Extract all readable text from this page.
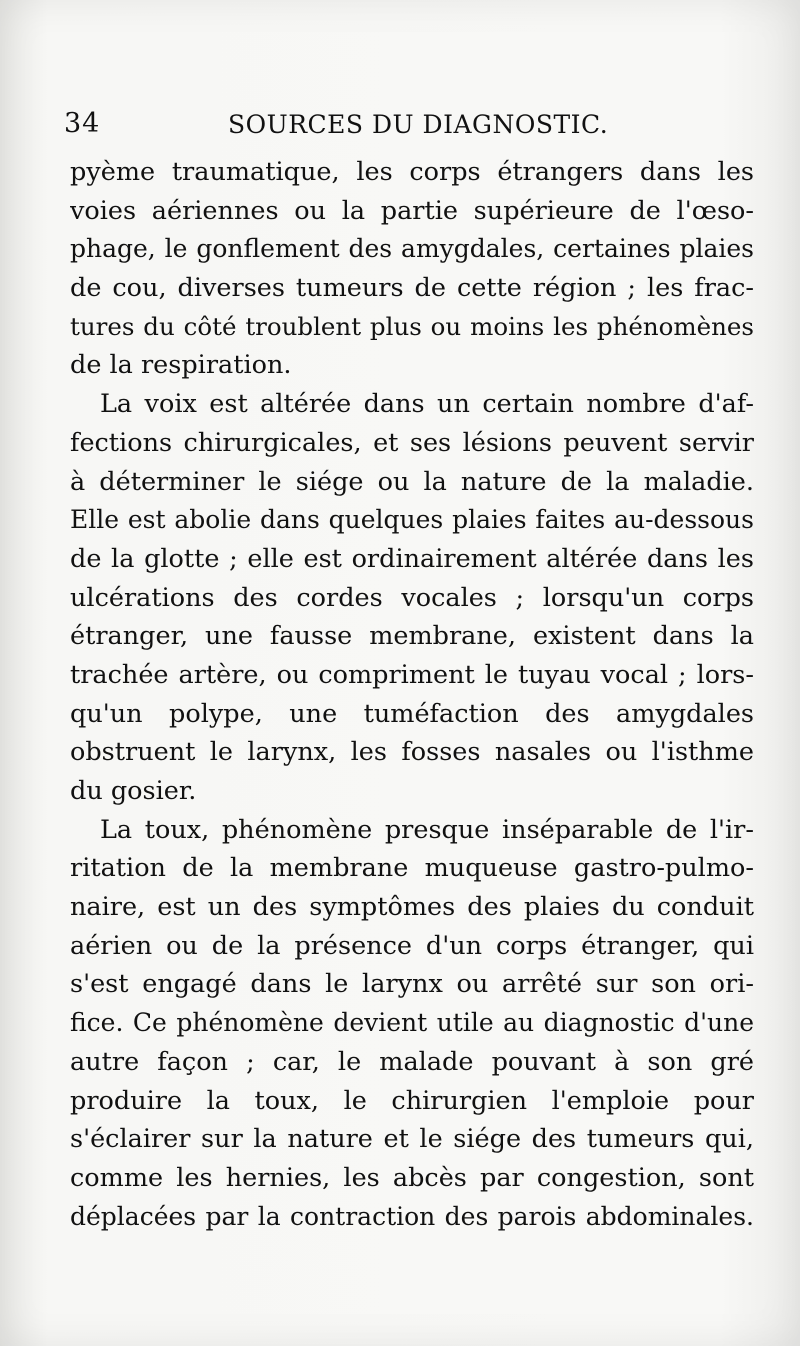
34	SOURCES DU DIAGNOSTIC.
pyème traumatique, les corps étrangers dans les
voies aériennes ou la partie supérieure de l'œso-
phage, le gonflement des amygdales, certaines plaies
de cou, diverses tumeurs de cette région ; les frac-
tures du côté troublent plus ou moins les phénomènes
de la respiration.
La voix est altérée dans un certain nombre d'af-
fections chirurgicales, et ses lésions peuvent servir
à déterminer le siége ou la nature de la maladie.
Elle est abolie dans quelques plaies faites au-dessous
de la glotte ; elle est ordinairement altérée dans les
ulcérations des cordes vocales ; lorsqu'un corps
étranger, une fausse membrane, existent dans la
trachée artère, ou compriment le tuyau vocal ; lors-
qu'un polype, une tuméfaction des amygdales
obstruent le larynx, les fosses nasales ou l'isthme
du gosier.
La toux, phénomène presque inséparable de l'ir-
ritation de la membrane muqueuse gastro-pulmo-
naire, est un des symptômes des plaies du conduit
aérien ou de la présence d'un corps étranger, qui
s'est engagé dans le larynx ou arrêté sur son ori-
fice. Ce phénomène devient utile au diagnostic d'une
autre façon ; car, le malade pouvant à son gré
produire la toux, le chirurgien l'emploie pour
s'éclairer sur la nature et le siége des tumeurs qui,
comme les hernies, les abcès par congestion, sont
déplacées par la contraction des parois abdominales.
